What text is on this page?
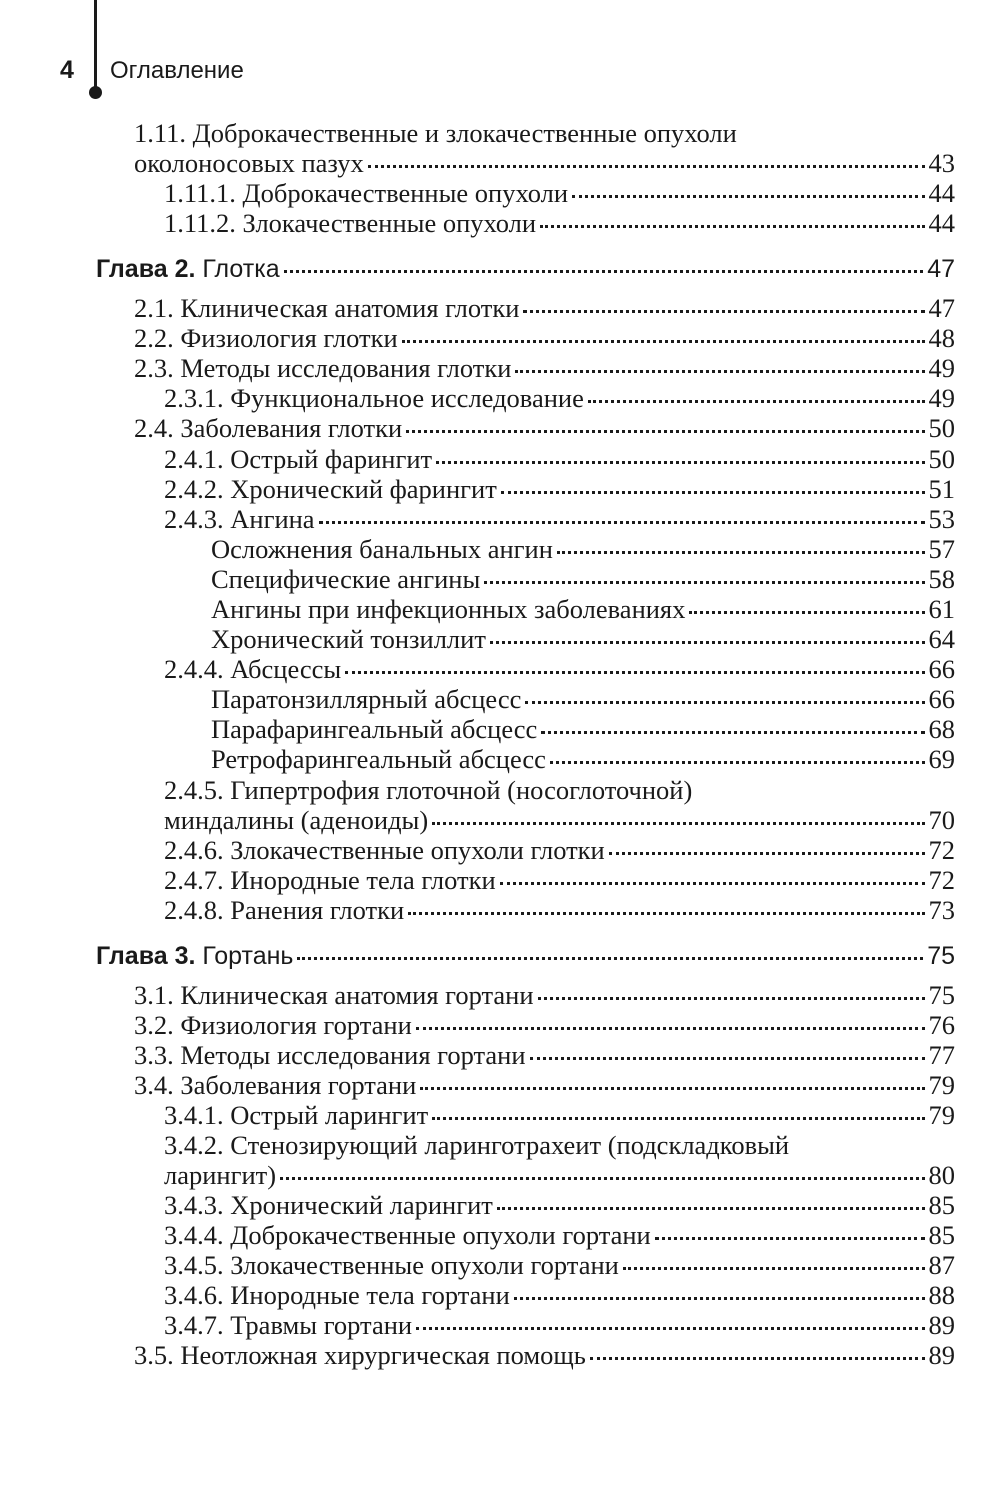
4 Оглавление
1.11. Доброкачественные и злокачественные опухоли
околоносовых пазух	43
1.11.1. Доброкачественные опухоли	44
1.11.2. Злокачественные опухоли	44
Глава 2. Глотка	47
2.1. Клиническая анатомия глотки	47
2.2. Физиология глотки	48
2.3. Методы исследования глотки	49
2.3.1. Функциональное исследование	49
2.4. Заболевания глотки	50
2.4.1. Острый фарингит	50
2.4.2. Хронический фарингит	51
2.4.3. Ангина	53
Осложнения банальных ангин	57
Специфические ангины	58
Ангины при инфекционных заболеваниях	61
Хронический тонзиллит	64
2.4.4. Абсцессы	66
Паратонзиллярный абсцесс	66
Парафарингеальный абсцесс	68
Ретрофарингеальный абсцесс	69
2.4.5. Гипертрофия глоточной (носоглоточной)
миндалины (аденоиды)	70
2.4.6. Злокачественные опухоли глотки	72
2.4.7. Инородные тела глотки	72
2.4.8. Ранения глотки	73
Глава 3. Гортань	75
3.1. Клиническая анатомия гортани	75
3.2. Физиология гортани	76
3.3. Методы исследования гортани	77
3.4. Заболевания гортани	79
3.4.1. Острый ларингит	79
3.4.2. Стенозирующий ларинготрахеит (подскладковый
ларингит)	80
3.4.3. Хронический ларингит	85
3.4.4. Доброкачественные опухоли гортани	85
3.4.5. Злокачественные опухоли гортани	87
3.4.6. Инородные тела гортани	88
3.4.7. Травмы гортани	89
3.5. Неотложная хирургическая помощь	89
